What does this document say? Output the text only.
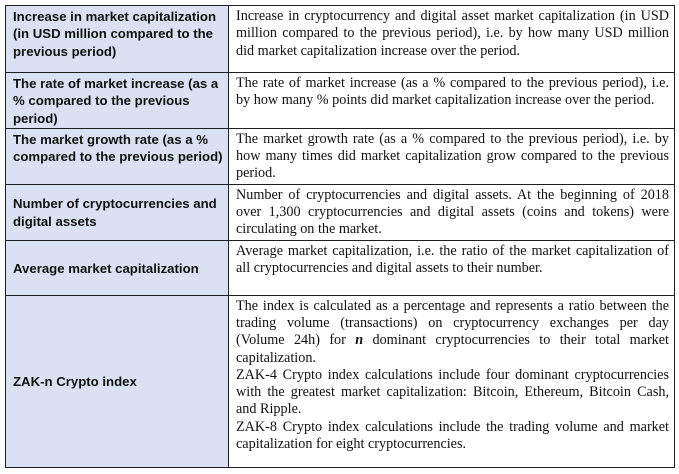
Increase in market capitalization (in USD million compared to the previous period)	Increase in cryptocurrency and digital asset market capitalization (in USD million compared to the previous period), i.e. by how many USD million did market capitalization increase over the period.
The rate of market increase (as a % compared to the previous period)	The rate of market increase (as a % compared to the previous period), i.e. by how many % points did market capitalization increase over the period.
The market growth rate (as a % compared to the previous period)	The market growth rate (as a % compared to the previous period), i.e. by how many times did market capitalization grow compared to the previous period.
Number of cryptocurrencies and digital assets	Number of cryptocurrencies and digital assets. At the beginning of 2018 over 1,300 cryptocurrencies and digital assets (coins and tokens) were circulating on the market.
Average market capitalization	Average market capitalization, i.e. the ratio of the market capitalization of all cryptocurrencies and digital assets to their number.
ZAK-n Crypto index	The index is calculated as a percentage and represents a ratio between the trading volume (transactions) on cryptocurrency exchanges per day (Volume 24h) for n dominant cryptocurrencies to their total market capitalization.

ZAK-4 Crypto index calculations include four dominant cryptocurrencies with the greatest market capitalization: Bitcoin, Ethereum, Bitcoin Cash, and Ripple.

ZAK-8 Crypto index calculations include the trading volume and market capitalization for eight cryptocurrencies.
